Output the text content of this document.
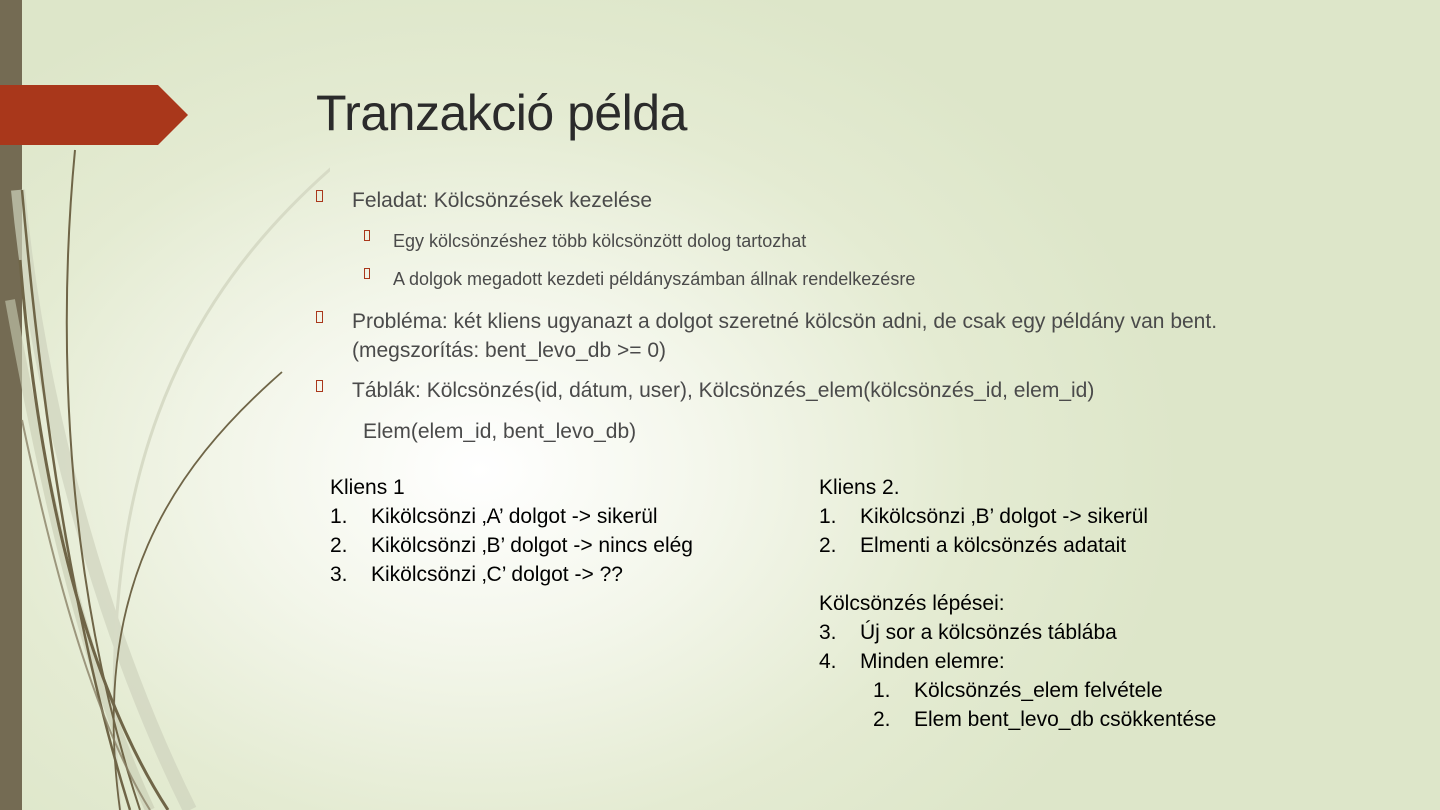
Tranzakció példa
Feladat: Kölcsönzések kezelése
Egy kölcsönzéshez több kölcsönzött dolog tartozhat
A dolgok megadott kezdeti példányszámban állnak rendelkezésre
Probléma: két kliens ugyanazt a dolgot szeretné kölcsön adni, de csak egy példány van bent.
(megszorítás: bent_levo_db >= 0)
Táblák: Kölcsönzés(id, dátum, user), Kölcsönzés_elem(kölcsönzés_id, elem_id)
Elem(elem_id, bent_levo_db)
Kliens 1
1. Kikölcsönzi ‚A’ dolgot -> sikerül
2. Kikölcsönzi ‚B’ dolgot -> nincs elég
3. Kikölcsönzi ‚C’ dolgot -> ??
Kliens 2.
1. Kikölcsönzi ‚B’ dolgot -> sikerül
2. Elmenti a kölcsönzés adatait
Kölcsönzés lépései:
3. Új sor a kölcsönzés táblába
4. Minden elemre:
1. Kölcsönzés_elem felvétele
2. Elem bent_levo_db csökkentése
